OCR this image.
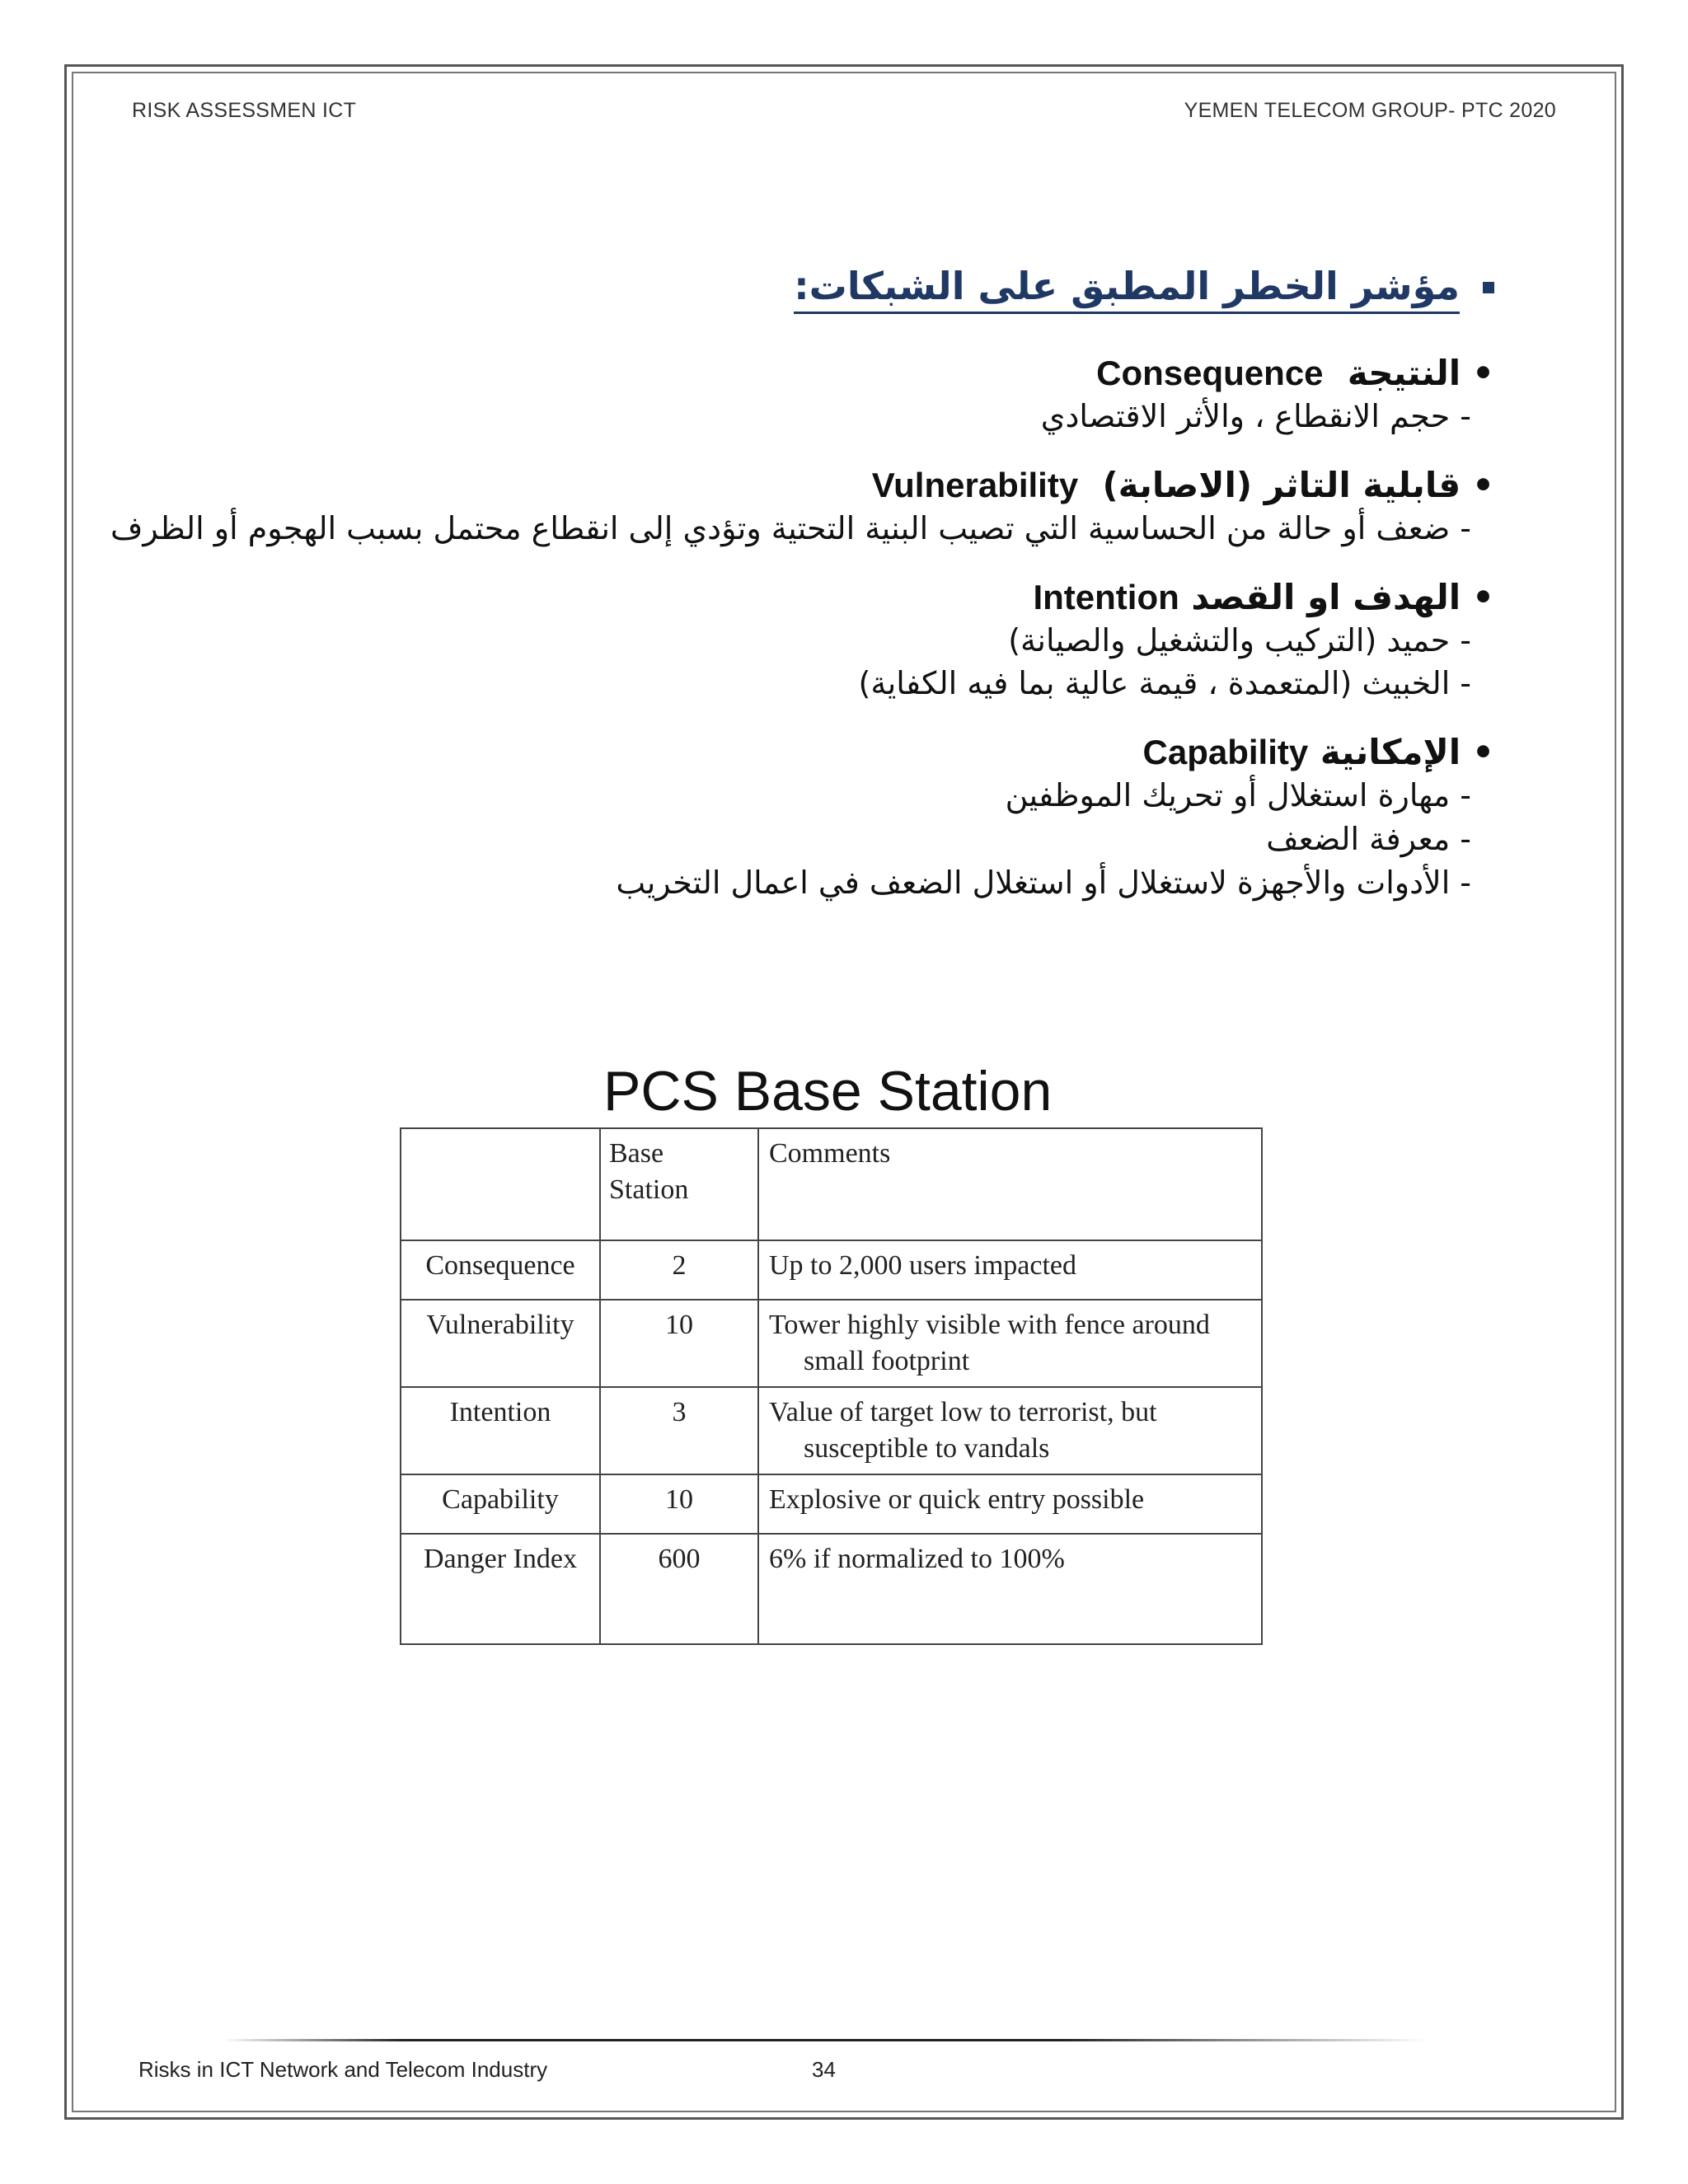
RISK ASSESSMEN ICT	YEMEN TELECOM GROUP- PTC 2020
مؤشر الخطر المطبق على الشبكات:
•النتيجة  Consequence
-حجم الانقطاع ، والأثر الاقتصادي
•قابلية التاثر (الاصابة)  Vulnerability
-ضعف أو حالة من الحساسية التي تصيب البنية التحتية وتؤدي إلى انقطاع محتمل بسبب الهجوم أو الظرف
•الهدف او القصد Intention
-حميد (التركيب والتشغيل والصيانة)
-الخبيث (المتعمدة ، قيمة عالية بما فيه الكفاية)
•الإمكانية Capability
-مهارة استغلال أو تحريك الموظفين
-معرفة الضعف
-الأدوات والأجهزة لاستغلال أو استغلال الضعف في اعمال التخريب
PCS Base Station
	Base Station	Comments
Consequence	2	Up to 2,000 users impacted
Vulnerability	10	Tower highly visible with fence around small footprint

Intention	3	Value of target low to terrorist, but susceptible to vandals

Capability	10	Explosive or quick entry possible
Danger Index	600	6% if normalized to 100%
Risks in ICT Network and Telecom Industry	34
